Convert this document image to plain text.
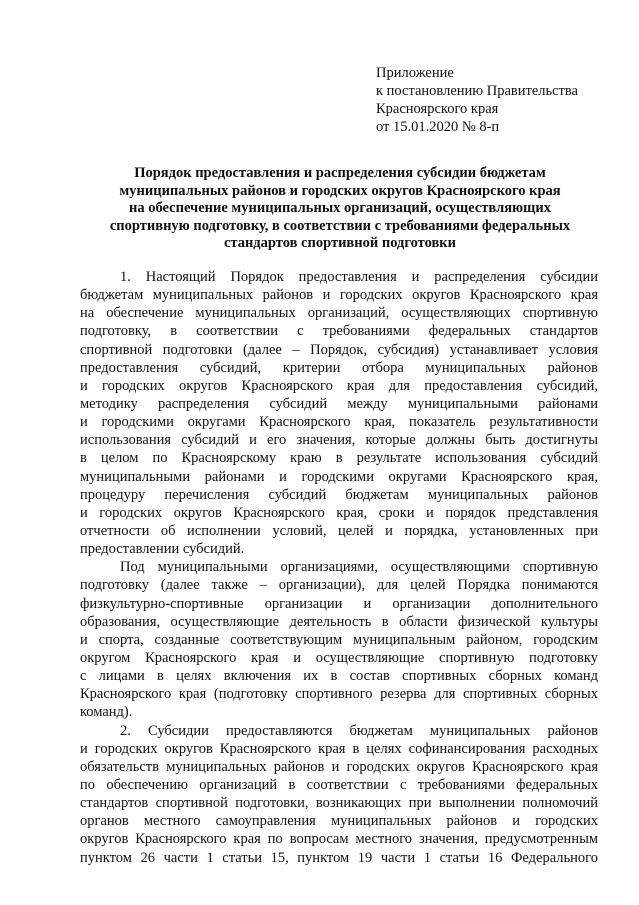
Приложение
к постановлению Правительства
Красноярского края
от 15.01.2020 № 8-п
Порядок предоставления и распределения субсидии бюджетам
муниципальных районов и городских округов Красноярского края
на обеспечение муниципальных организаций, осуществляющих
спортивную подготовку, в соответствии с требованиями федеральных
стандартов спортивной подготовки
1. Настоящий Порядок предоставления и распределения субсидии
бюджетам муниципальных районов и городских округов Красноярского края
на обеспечение муниципальных организаций, осуществляющих спортивную
подготовку, в соответствии с требованиями федеральных стандартов
спортивной подготовки (далее – Порядок, субсидия) устанавливает условия
предоставления субсидий, критерии отбора муниципальных районов
и городских округов Красноярского края для предоставления субсидий,
методику распределения субсидий между муниципальными районами
и городскими округами Красноярского края, показатель результативности
использования субсидий и его значения, которые должны быть достигнуты
в целом по Красноярскому краю в результате использования субсидий
муниципальными районами и городскими округами Красноярского края,
процедуру перечисления субсидий бюджетам муниципальных районов
и городских округов Красноярского края, сроки и порядок представления
отчетности об исполнении условий, целей и порядка, установленных при
предоставлении субсидий.
Под муниципальными организациями, осуществляющими спортивную
подготовку (далее также – организации), для целей Порядка понимаются
физкультурно-спортивные организации и организации дополнительного
образования, осуществляющие деятельность в области физической культуры
и спорта, созданные соответствующим муниципальным районом, городским
округом Красноярского края и осуществляющие спортивную подготовку
с лицами в целях включения их в состав спортивных сборных команд
Красноярского края (подготовку спортивного резерва для спортивных сборных
команд).
2. Субсидии предоставляются бюджетам муниципальных районов
и городских округов Красноярского края в целях софинансирования расходных
обязательств муниципальных районов и городских округов Красноярского края
по обеспечению организаций в соответствии с требованиями федеральных
стандартов спортивной подготовки, возникающих при выполнении полномочий
органов местного самоуправления муниципальных районов и городских
округов Красноярского края по вопросам местного значения, предусмотренным
пунктом 26 части 1 статьи 15, пунктом 19 части 1 статьи 16 Федерального
